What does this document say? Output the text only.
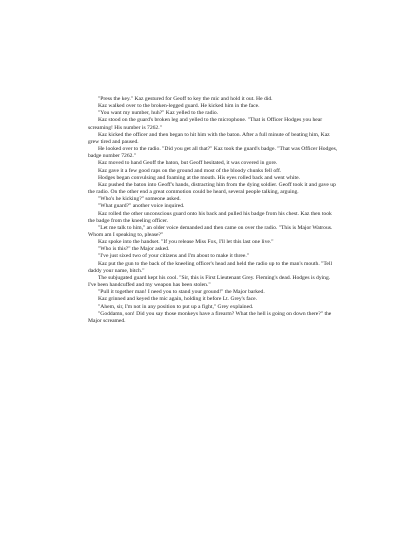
"Press the key." Kaz gestured for Geoff to key the mic and hold it out. He did.

Kaz walked over to the broken-legged guard. He kicked him in the face.

"You want my number, huh?" Kaz yelled to the radio.

Kaz stood on the guard's broken leg and yelled to the microphone. "That is Officer Hodges you hear screaming! His number is 7262."

Kaz kicked the officer and then began to hit him with the baton. After a full minute of beating him, Kaz grew tired and paused.

He looked over to the radio. "Did you get all that?" Kaz took the guard's badge. "That was Officer Hodges, badge number 7262."

Kaz moved to hand Geoff the baton, but Geoff hesitated, it was covered in gore.

Kaz gave it a few good raps on the ground and most of the bloody chunks fell off.

Hodges began convulsing and foaming at the mouth. His eyes rolled back and went white.

Kaz pushed the baton into Geoff's hands, distracting him from the dying soldier. Geoff took it and gave up the radio. On the other end a great commotion could be heard, several people talking, arguing.

"Who's he kicking?" someone asked.

"What guard?" another voice inquired.

Kaz rolled the other unconscious guard onto his back and pulled his badge from his chest. Kaz then took the badge from the kneeling officer.

"Let me talk to him," an older voice demanded and then came on over the radio. "This is Major Watrous. Whom am I speaking to, please?"

Kaz spoke into the handset. "If you release Miss Fox, I'll let this last one live."

"Who is this?" the Major asked.

"I've just sixed two of your citizens and I'm about to make it three."

Kaz put the gun to the back of the kneeling officer's head and held the radio up to the man's mouth. "Tell daddy your name, bitch."

The subjugated guard kept his cool. "Sir, this is First Lieutenant Grey. Fleming's dead. Hodges is dying. I've been handcuffed and my weapon has been stolen."

"Pull it together man! I need you to stand your ground!" the Major barked.

Kaz grinned and keyed the mic again, holding it before Lt. Grey's face.

"Ahem, sir, I'm not in any position to put up a fight," Grey explained.

"Goddamn, son! Did you say those monkeys have a firearm? What the hell is going on down there?" the Major screamed.
